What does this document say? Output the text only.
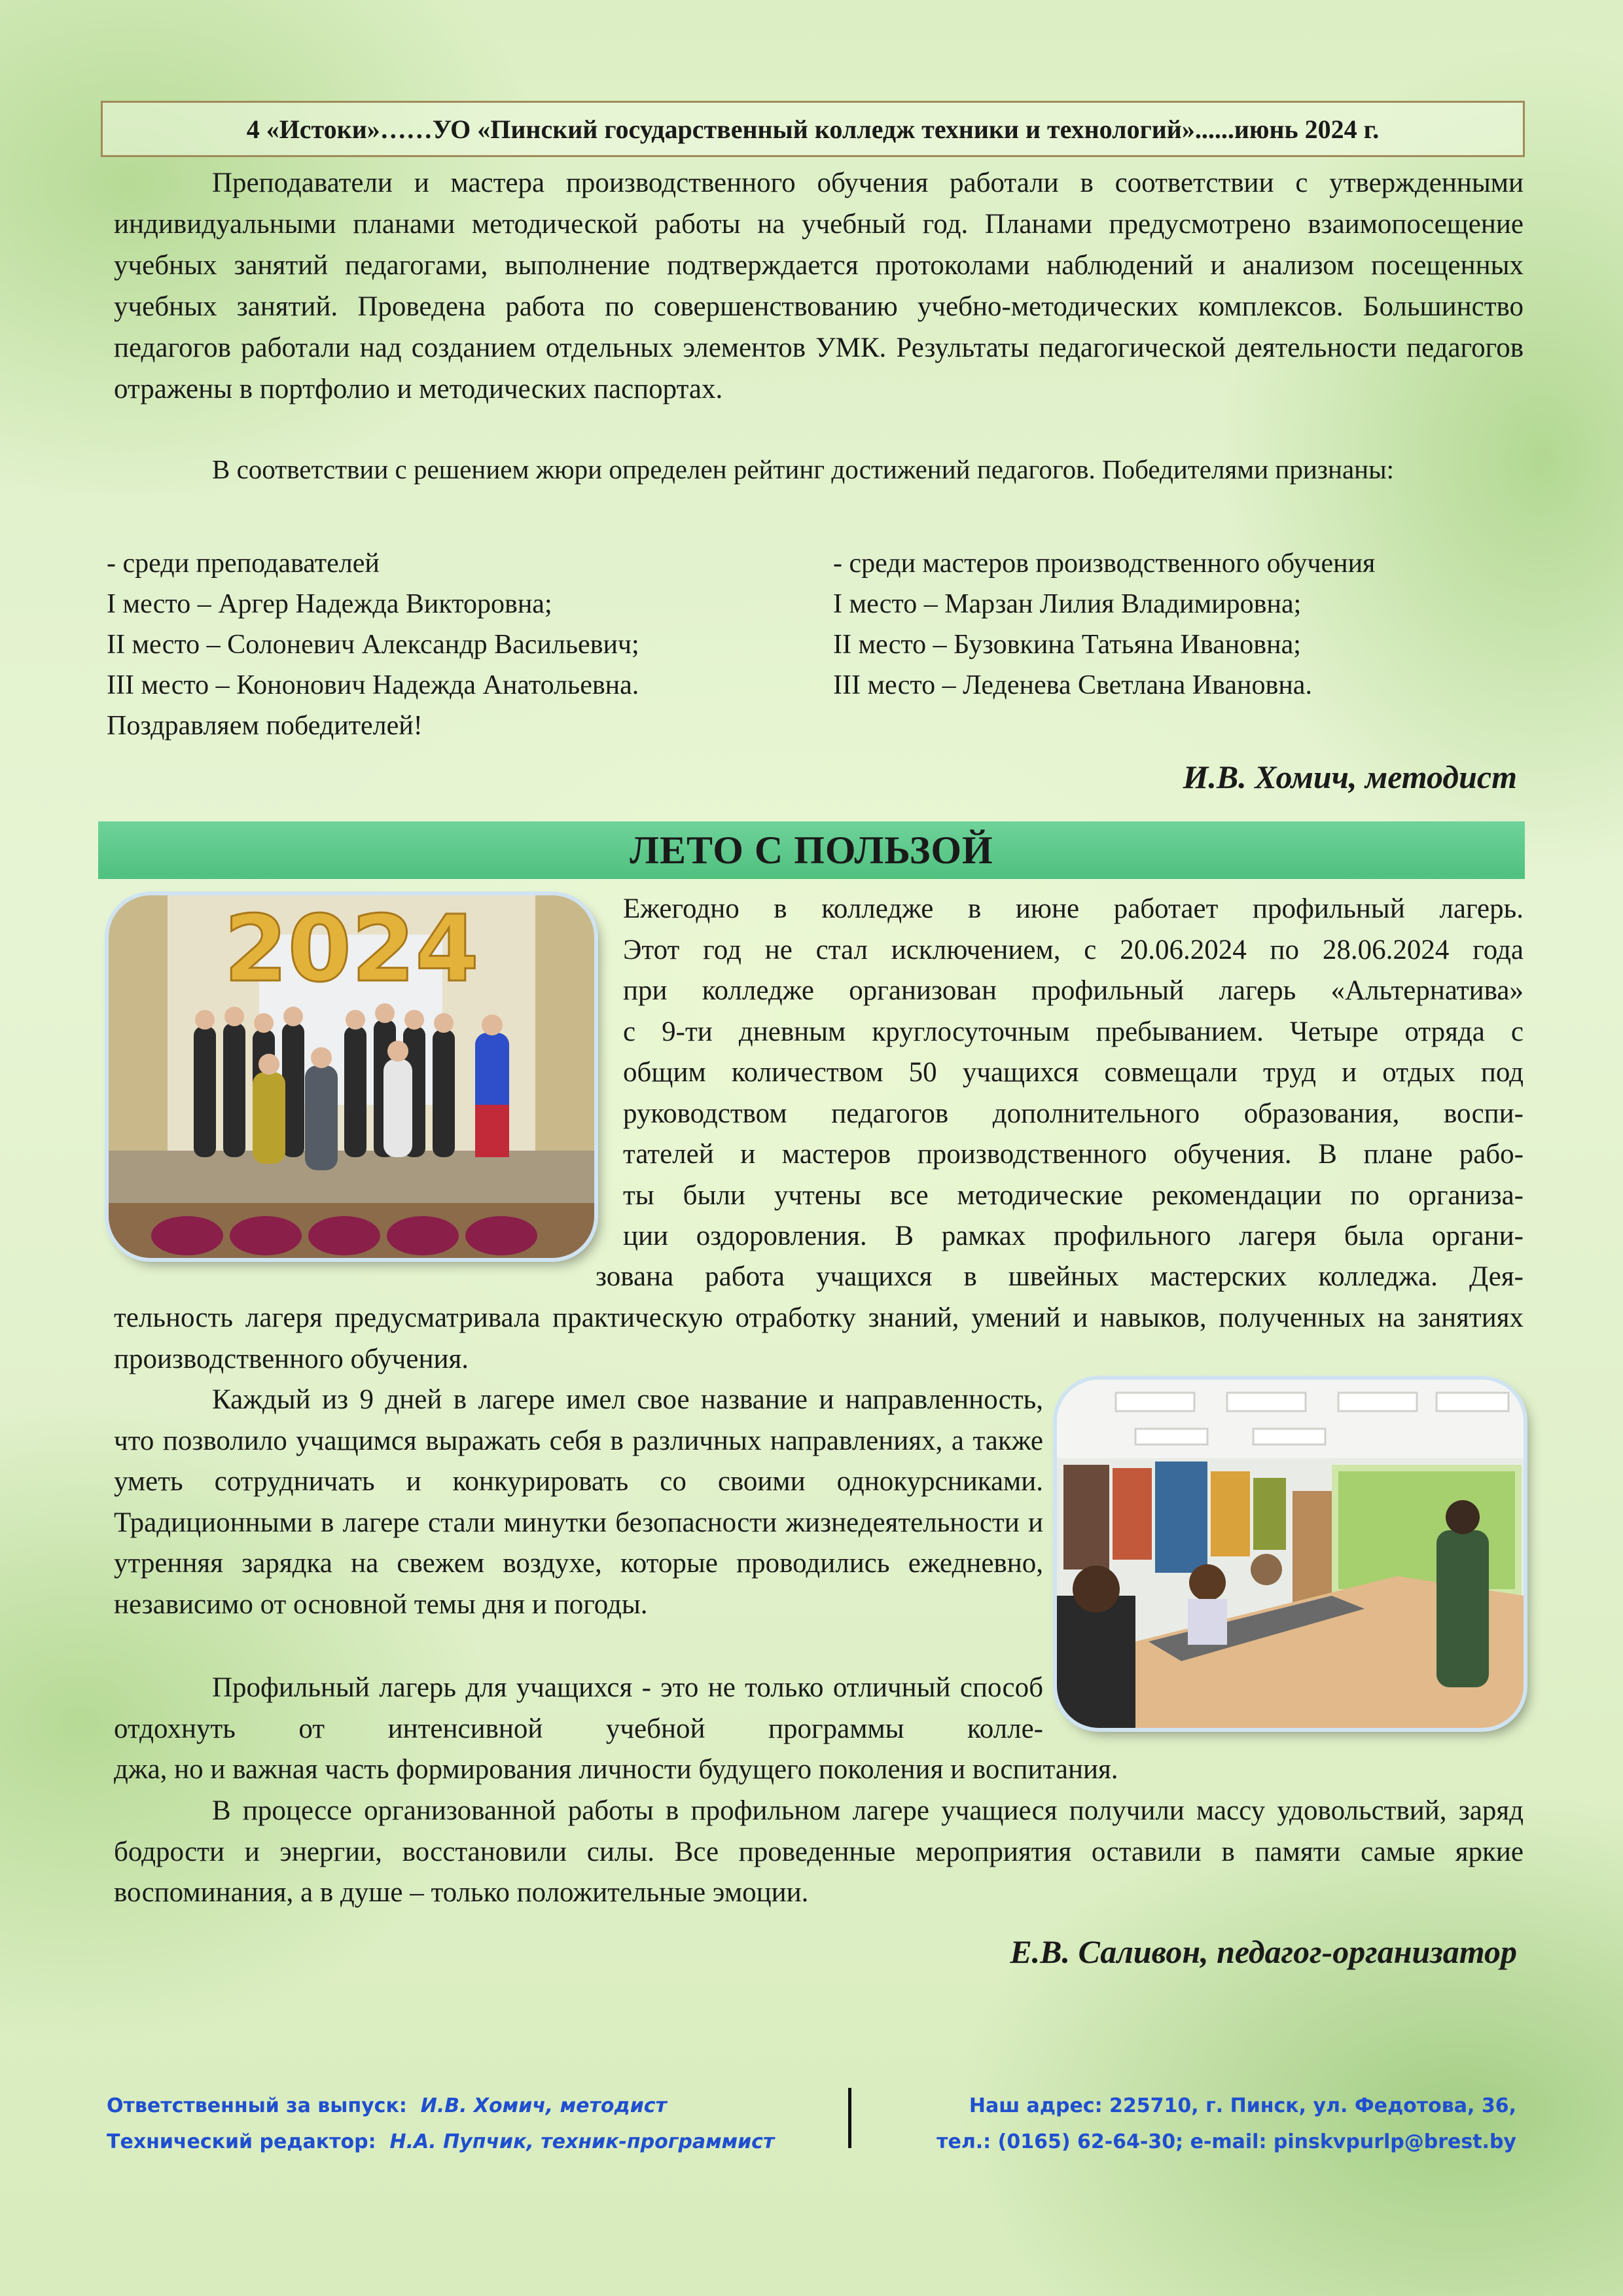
4 «Истоки»……УО «Пинский государственный колледж техники и технологий»......июнь 2024 г.

Преподаватели и мастера производственного обучения работали в соответствии с утвержденными индивидуальными планами методической работы на учебный год. Планами предусмотрено взаимопосещение учебных занятий педагогами, выполнение подтверждается протоколами наблюдений и анализом посещенных учебных занятий. Проведена работа по совершенствованию учебно-методических комплексов. Большинство педагогов работали над созданием отдельных элементов УМК. Результаты педагогической деятельности педагогов отражены в портфолио и методических паспортах.

В соответствии с решением жюри определен рейтинг достижений педагогов. Победителями признаны:

- среди преподавателей
I место – Аргер Надежда Викторовна;
II место – Солоневич Александр Васильевич;
III место – Кононович Надежда Анатольевна.
Поздравляем победителей!
- среди мастеров производственного обучения
I место – Марзан Лилия Владимировна;
II место – Бузовкина Татьяна Ивановна;
III место – Леденева Светлана Ивановна.
И.В. Хомич, методист
ЛЕТО С ПОЛЬЗОЙ
2024	Ежегодно в колледже в июне работает профильный лагерь.
Этот год не стал исключением, с 20.06.2024 по 28.06.2024 года
при колледже организован профильный лагерь «Альтернатива»
с 9-ти дневным круглосуточным пребыванием. Четыре отряда с
общим количеством 50 учащихся совмещали труд и отдых под
руководством педагогов дополнительного образования, воспи-
тателей и мастеров производственного обучения. В плане рабо-
ты были учтены все методические рекомендации по организа-
ции оздоровления. В рамках профильного лагеря была органи-
зована работа учащихся в швейных мастерских колледжа. Дея-

тельность лагеря предусматривала практическую отработку знаний, умений и навыков, полученных на занятиях производственного обучения.

Каждый из 9 дней в лагере имел свое название и направленность, что позволило учащимся выражать себя в различных направлениях, а также уметь сотрудничать и конкурировать со своими однокурсниками. Традиционными в лагере стали минутки безопасности жизнедеятельности и утренняя зарядка на свежем воздухе, которые проводились ежедневно, независимо от основной темы дня и погоды.

Профильный лагерь для учащихся - это не только отличный способ отдохнуть от интенсивной учебной программы колле-

джа, но и важная часть формирования личности будущего поколения и воспитания.

В процессе организованной работы в профильном лагере учащиеся получили массу удовольствий, заряд бодрости и энергии, восстановили силы. Все проведенные мероприятия оставили в памяти самые яркие воспоминания, а в душе – только положительные эмоции.

Е.В. Саливон, педагог-организатор
Ответственный за выпуск: И.В. Хомич, методист
Технический редактор: Н.А. Пупчик, техник-программист
Наш адрес: 225710, г. Пинск, ул. Федотова, 36,
тел.: (0165) 62-64-30; e-mail: pinskvpurlp@brest.by
